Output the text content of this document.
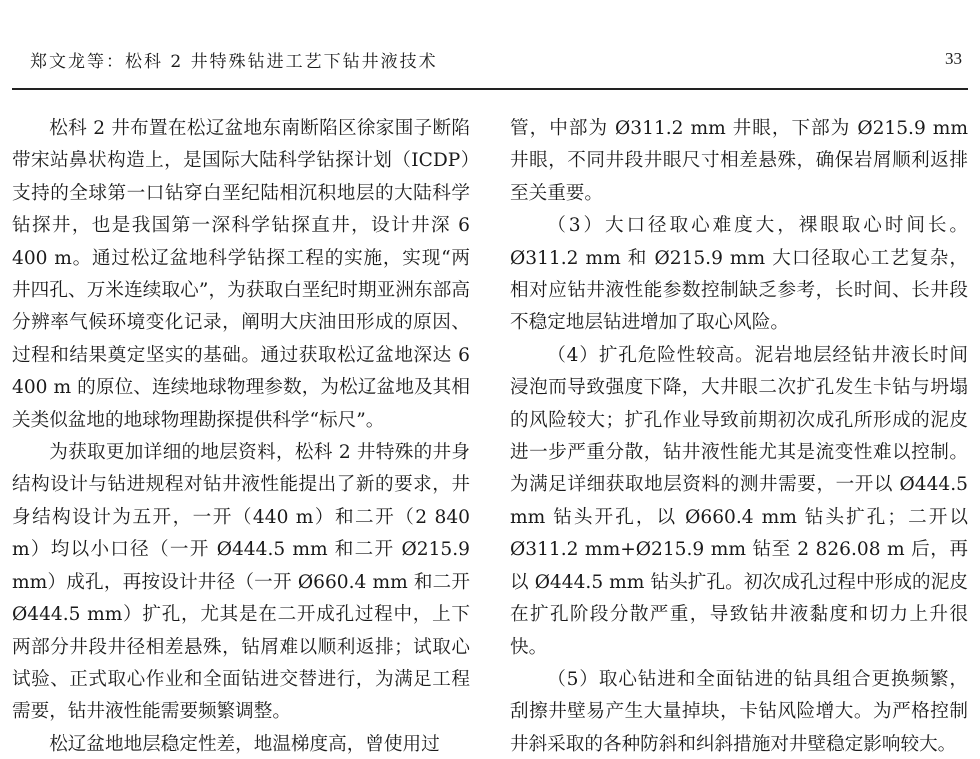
郑文龙等：松科 2 井特殊钻进工艺下钻井液技术	33

松科 2 井布置在松辽盆地东南断陷区徐家围子断陷带宋站鼻状构造上，是国际大陆科学钻探计划（ICDP）支持的全球第一口钻穿白垩纪陆相沉积地层的大陆科学钻探井，也是我国第一深科学钻探直井，设计井深 6 400 m。通过松辽盆地科学钻探工程的实施，实现“两井四孔、万米连续取心”，为获取白垩纪时期亚洲东部高分辨率气候环境变化记录，阐明大庆油田形成的原因、过程和结果奠定坚实的基础。通过获取松辽盆地深达 6 400 m 的原位、连续地球物理参数，为松辽盆地及其相关类似盆地的地球物理勘探提供科学“标尺”。

为获取更加详细的地层资料，松科 2 井特殊的井身结构设计与钻进规程对钻井液性能提出了新的要求，井身结构设计为五开，一开（440 m）和二开（2 840 m）均以小口径（一开 Ø444.5 mm 和二开 Ø215.9 mm）成孔，再按设计井径（一开 Ø660.4 mm 和二开 Ø444.5 mm）扩孔，尤其是在二开成孔过程中，上下两部分井段井径相差悬殊，钻屑难以顺利返排；试取心试验、正式取心作业和全面钻进交替进行，为满足工程需要，钻井液性能需要频繁调整。

松辽盆地地层稳定性差，地温梯度高，曾使用过

管，中部为 Ø311.2 mm 井眼，下部为 Ø215.9 mm 井眼，不同井段井眼尺寸相差悬殊，确保岩屑顺利返排至关重要。

（3）大口径取心难度大，裸眼取心时间长。Ø311.2 mm 和 Ø215.9 mm 大口径取心工艺复杂，相对应钻井液性能参数控制缺乏参考，长时间、长井段不稳定地层钻进增加了取心风险。

（4）扩孔危险性较高。泥岩地层经钻井液长时间浸泡而导致强度下降，大井眼二次扩孔发生卡钻与坍塌的风险较大；扩孔作业导致前期初次成孔所形成的泥皮进一步严重分散，钻井液性能尤其是流变性难以控制。为满足详细获取地层资料的测井需要，一开以 Ø444.5 mm 钻头开孔，以 Ø660.4 mm 钻头扩孔；二开以 Ø311.2 mm+Ø215.9 mm 钻至 2 826.08 m 后，再以 Ø444.5 mm 钻头扩孔。初次成孔过程中形成的泥皮在扩孔阶段分散严重，导致钻井液黏度和切力上升很快。

（5）取心钻进和全面钻进的钻具组合更换频繁，刮擦井壁易产生大量掉块，卡钻风险增大。为严格控制井斜采取的各种防斜和纠斜措施对井壁稳定影响较大。
